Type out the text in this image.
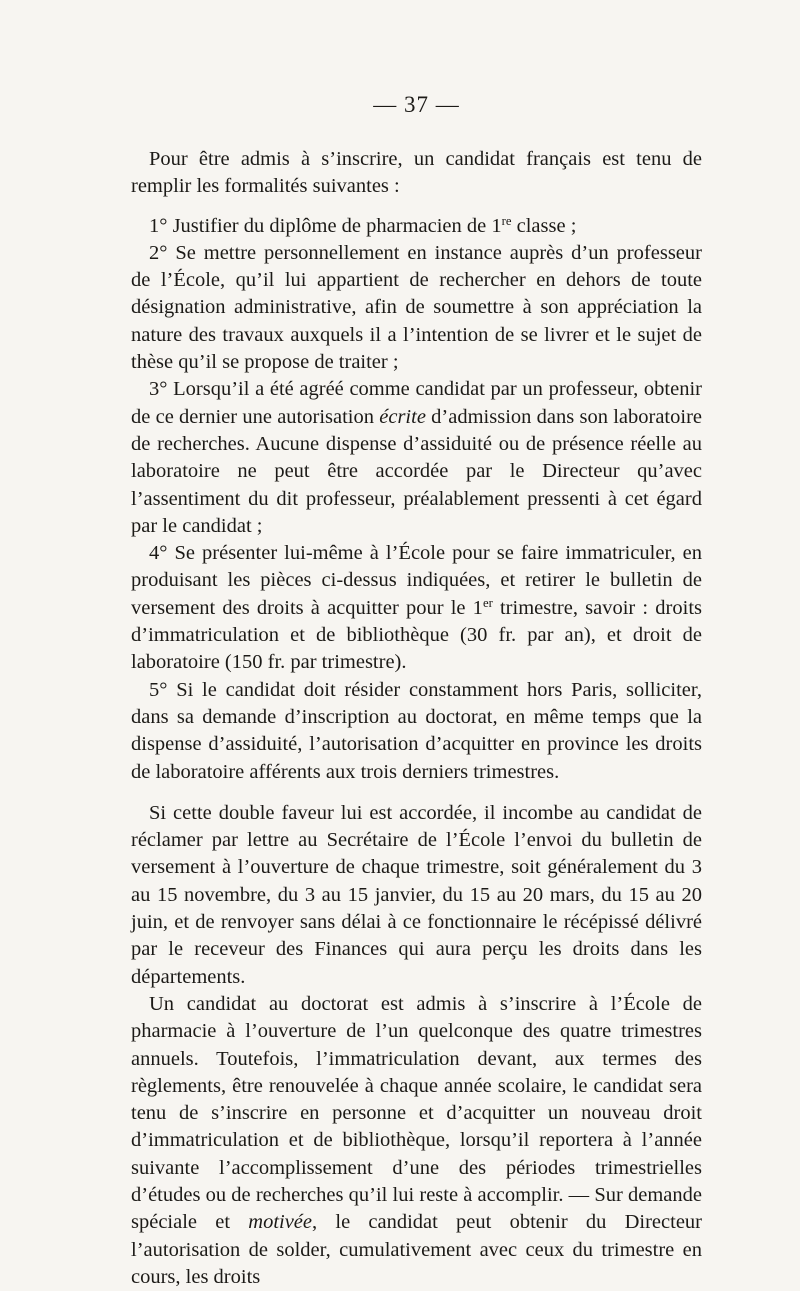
— 37 —

Pour être admis à s’inscrire, un candidat français est tenu de remplir les formalités suivantes :

1° Justifier du diplôme de pharmacien de 1re classe ;

2° Se mettre personnellement en instance auprès d’un professeur de l’École, qu’il lui appartient de rechercher en dehors de toute désignation administrative, afin de soumettre à son appréciation la nature des travaux auxquels il a l’intention de se livrer et le sujet de thèse qu’il se propose de traiter ;

3° Lorsqu’il a été agréé comme candidat par un professeur, obtenir de ce dernier une autorisation écrite d’admission dans son laboratoire de recherches. Aucune dispense d’assiduité ou de présence réelle au laboratoire ne peut être accordée par le Directeur qu’avec l’assentiment du dit professeur, préalablement pressenti à cet égard par le candidat ;

4° Se présenter lui-même à l’École pour se faire immatriculer, en produisant les pièces ci-dessus indiquées, et retirer le bulletin de versement des droits à acquitter pour le 1er trimestre, savoir : droits d’immatriculation et de bibliothèque (30 fr. par an), et droit de laboratoire (150 fr. par trimestre).

5° Si le candidat doit résider constamment hors Paris, solliciter, dans sa demande d’inscription au doctorat, en même temps que la dispense d’assiduité, l’autorisation d’acquitter en province les droits de laboratoire afférents aux trois derniers trimestres.

Si cette double faveur lui est accordée, il incombe au candidat de réclamer par lettre au Secrétaire de l’École l’envoi du bulletin de versement à l’ouverture de chaque trimestre, soit généralement du 3 au 15 novembre, du 3 au 15 janvier, du 15 au 20 mars, du 15 au 20 juin, et de renvoyer sans délai à ce fonctionnaire le récépissé délivré par le receveur des Finances qui aura perçu les droits dans les départements.

Un candidat au doctorat est admis à s’inscrire à l’École de pharmacie à l’ouverture de l’un quelconque des quatre trimestres annuels. Toutefois, l’immatriculation devant, aux termes des règlements, être renouvelée à chaque année scolaire, le candidat sera tenu de s’inscrire en personne et d’acquitter un nouveau droit d’immatriculation et de bibliothèque, lorsqu’il reportera à l’année suivante l’accomplissement d’une des périodes trimestrielles d’études ou de recherches qu’il lui reste à accomplir. — Sur demande spéciale et motivée, le candidat peut obtenir du Directeur l’autorisation de solder, cumulativement avec ceux du trimestre en cours, les droits
